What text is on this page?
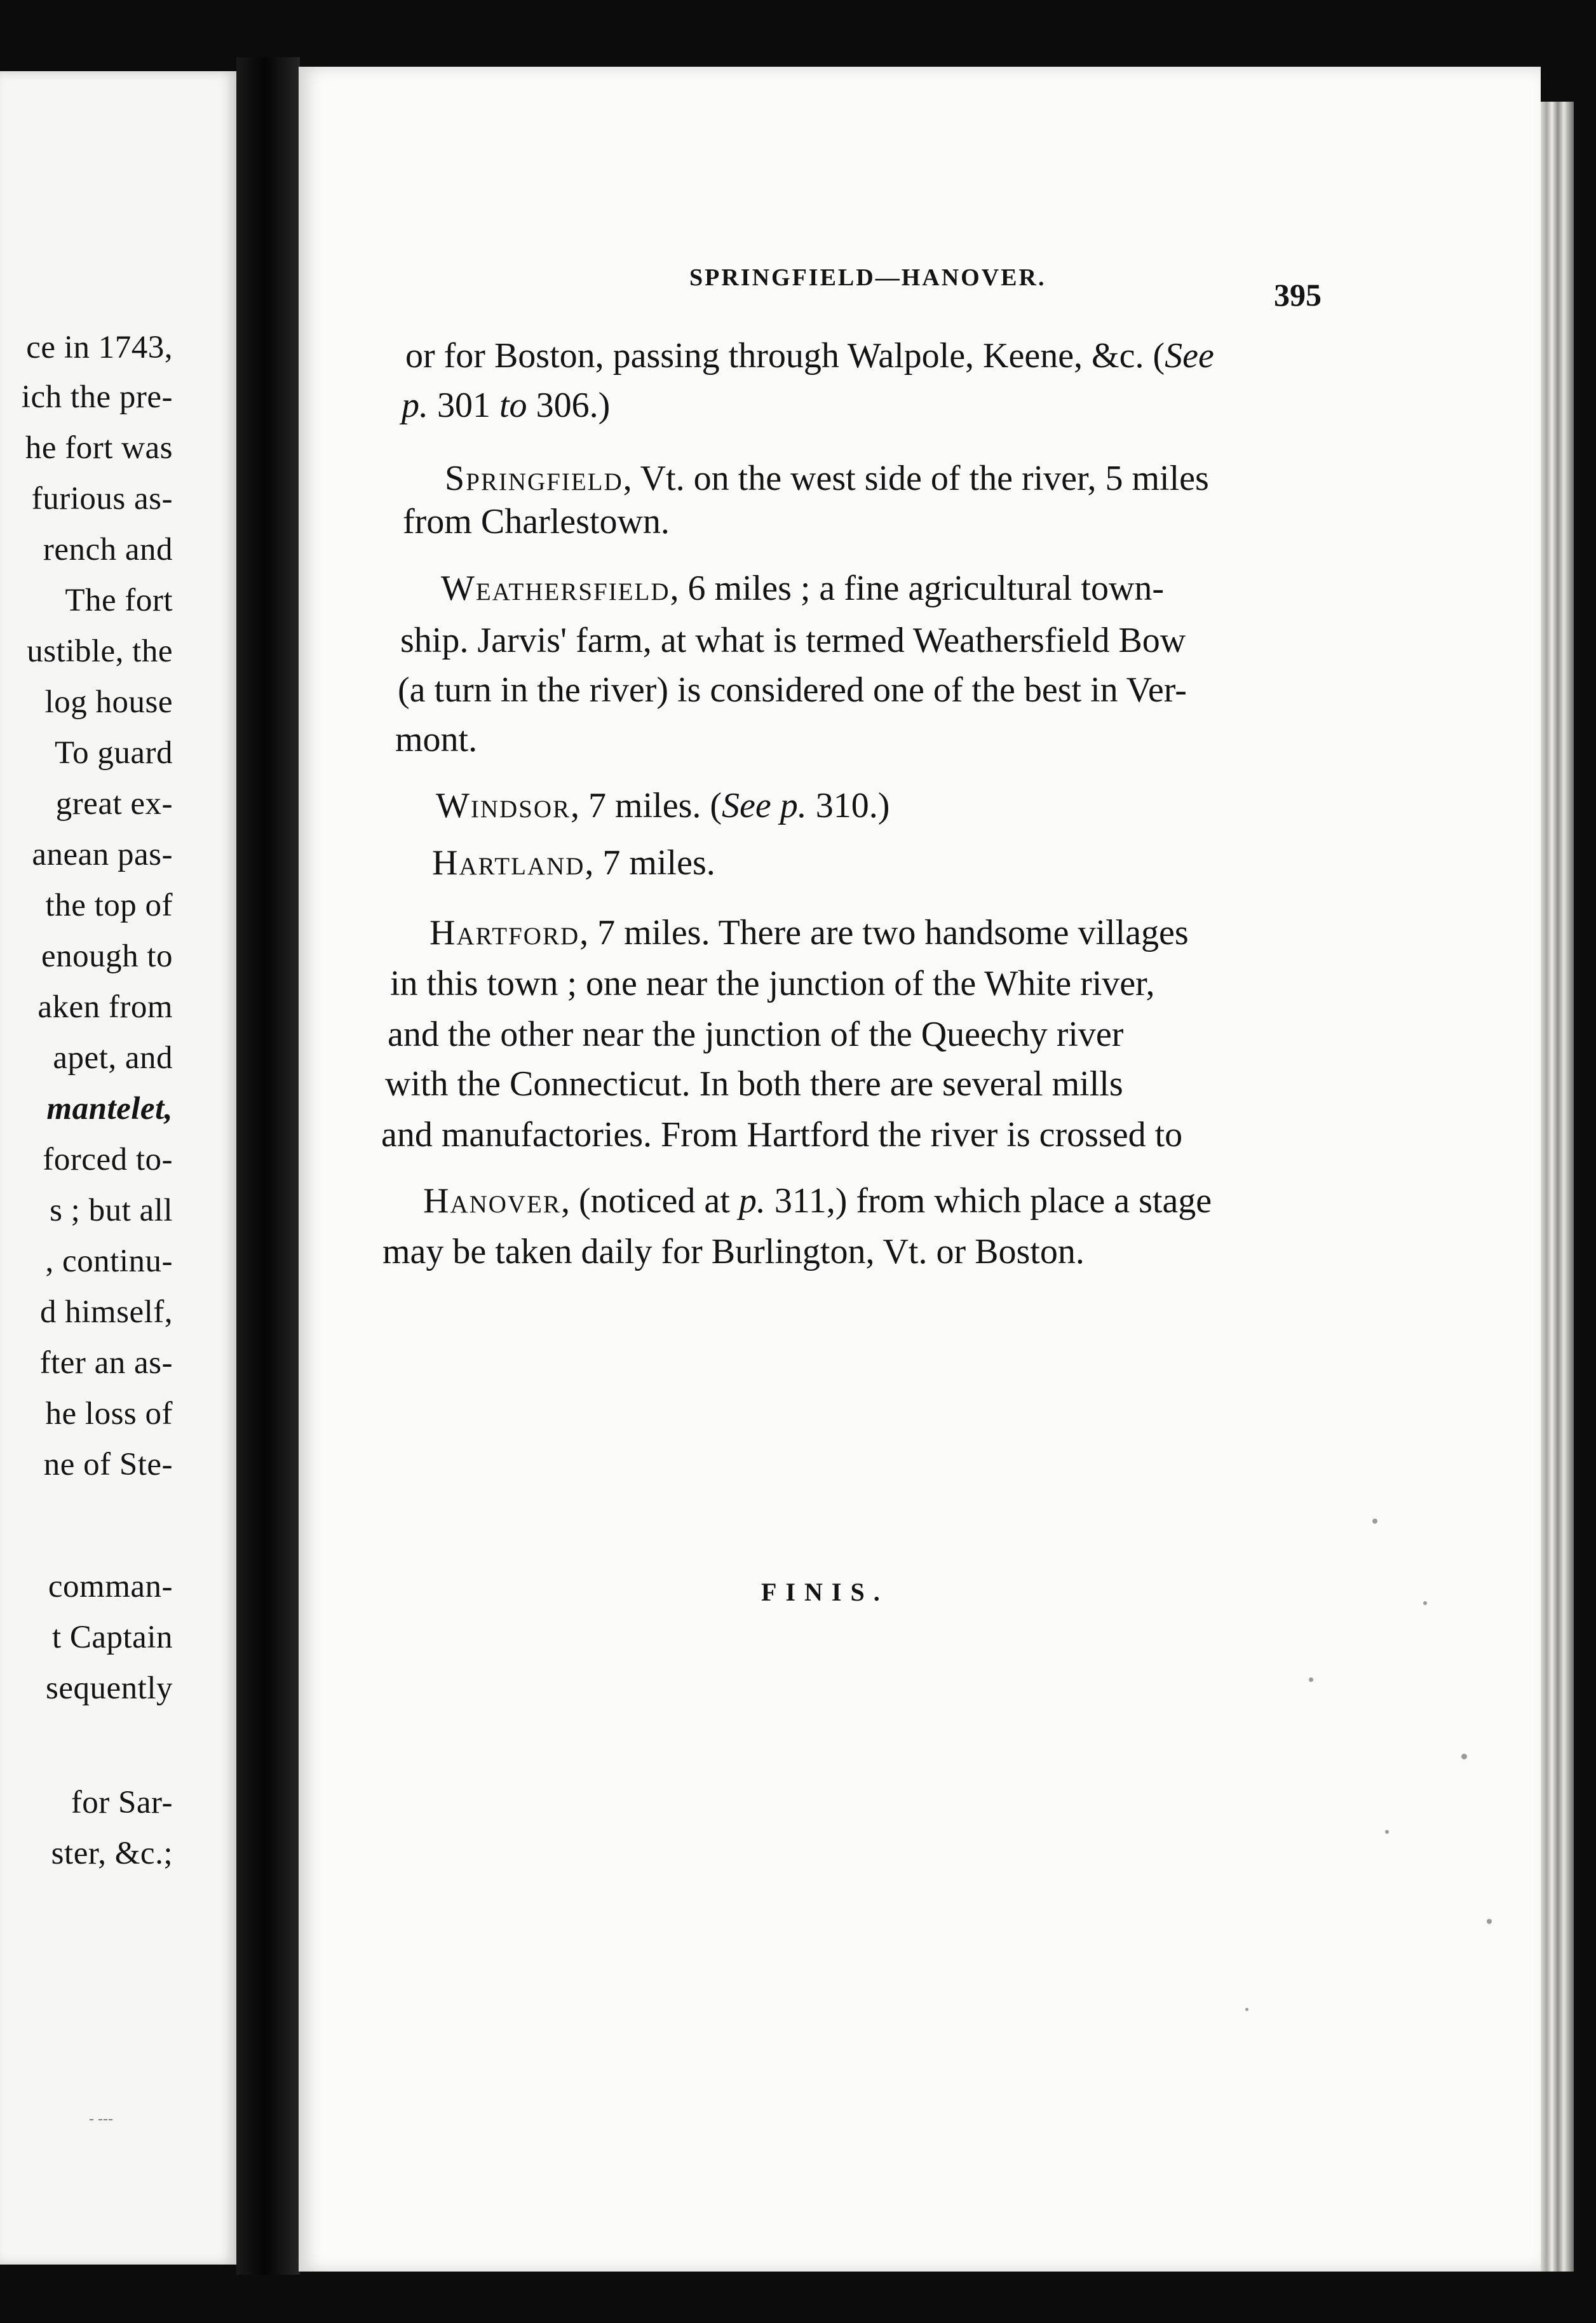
ce in 1743,
ich the pre-
he fort was
furious as-
rench and
The fort
ustible, the
log house
To guard
great ex-
anean pas-
the top of
enough to
aken from
apet, and
mantelet,
forced to-
s ; but all
, continu-
d himself,
fter an as-
he loss of
ne of Ste-
comman-
t Captain
sequently
for Sar-
ster, &c.;
- ---
SPRINGFIELD—HANOVER.	395
or for Boston, passing through Walpole, Keene, &c. (See
p. 301 to 306.)
Springfield, Vt. on the west side of the river, 5 miles
from Charlestown.
Weathersfield, 6 miles ; a fine agricultural town-
ship. Jarvis' farm, at what is termed Weathersfield Bow
(a turn in the river) is considered one of the best in Ver-
mont.
Windsor, 7 miles. (See p. 310.)
Hartland, 7 miles.
Hartford, 7 miles. There are two handsome villages
in this town ; one near the junction of the White river,
and the other near the junction of the Queechy river
with the Connecticut. In both there are several mills
and manufactories. From Hartford the river is crossed to
Hanover, (noticed at p. 311,) from which place a stage
may be taken daily for Burlington, Vt. or Boston.
FINIS.
